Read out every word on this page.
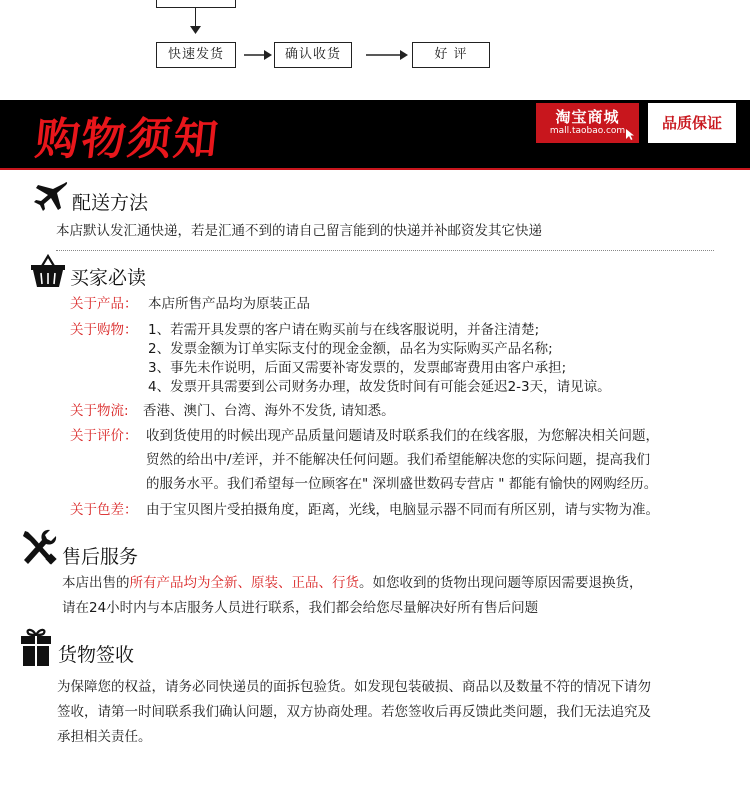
快速发货	确认收货	好 评
购物须知	淘宝商城
mall.taobao.com	品质保证
配送方法
本店默认发汇通快递，若是汇通不到的请自己留言能到的快递并补邮资发其它快递
买家必读
关于产品： 本店所售产品均为原装正品
关于购物： 1、若需开具发票的客户请在购买前与在线客服说明，并备注清楚;
2、发票金额为订单实际支付的现金金额，品名为实际购买产品名称;
3、事先未作说明，后面又需要补寄发票的，发票邮寄费用由客户承担;
4、发票开具需要到公司财务办理，故发货时间有可能会延迟2-3天，请见谅。
关于物流: 香港、澳门、台湾、海外不发货, 请知悉。
关于评价： 收到货使用的时候出现产品质量问题请及时联系我们的在线客服，为您解决相关问题，
贸然的给出中/差评，并不能解决任何问题。我们希望能解决您的实际问题，提高我们
的服务水平。我们希望每一位顾客在" 深圳盛世数码专营店 " 都能有愉快的网购经历。
关于色差： 由于宝贝图片受拍摄角度，距离，光线，电脑显示器不同而有所区别，请与实物为准。
售后服务
本店出售的所有产品均为全新、原装、正品、行货。如您收到的货物出现问题等原因需要退换货，
请在24小时内与本店服务人员进行联系，我们都会给您尽量解决好所有售后问题
货物签收
为保障您的权益，请务必同快递员的面拆包验货。如发现包装破损、商品以及数量不符的情况下请勿
签收，请第一时间联系我们确认问题，双方协商处理。若您签收后再反馈此类问题，我们无法追究及
承担相关责任。
